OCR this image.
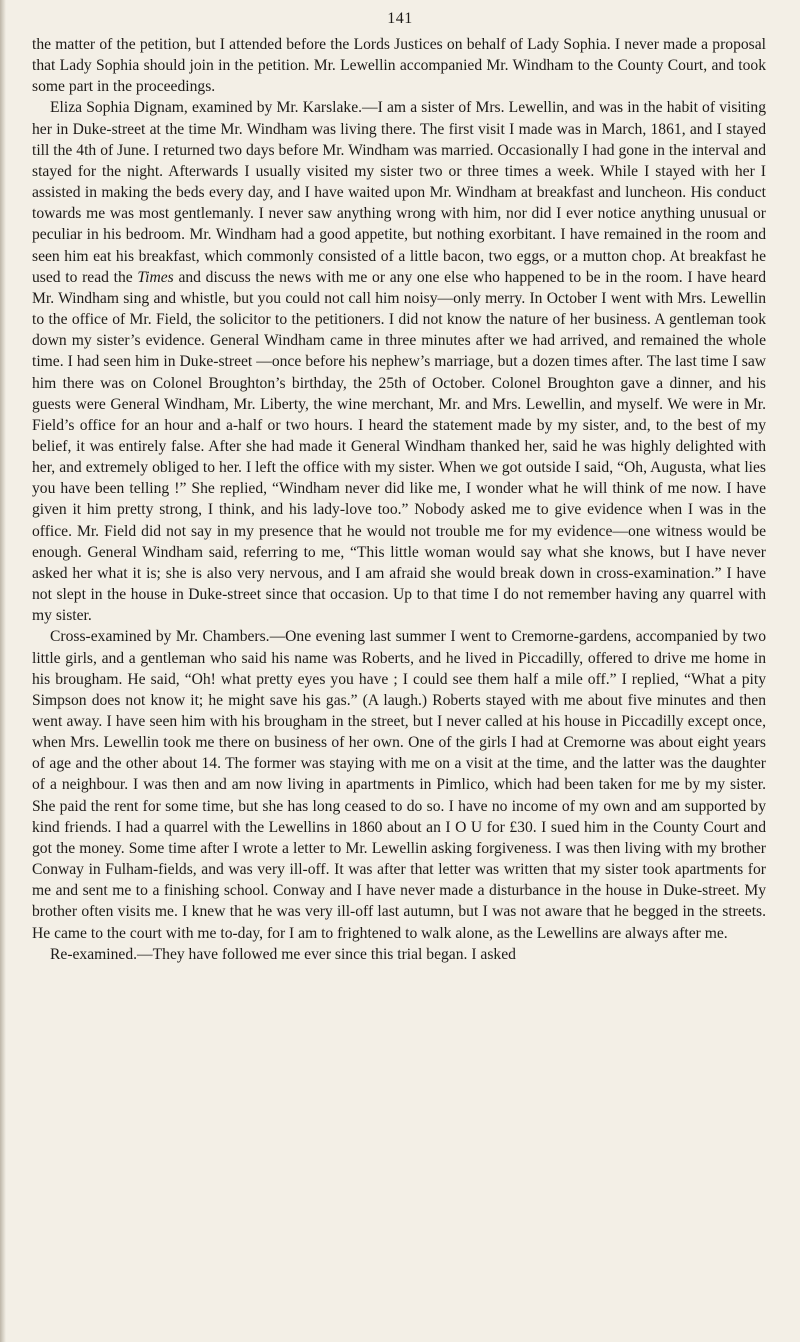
141

the matter of the petition, but I attended before the Lords Justices on behalf of Lady Sophia. I never made a proposal that Lady Sophia should join in the petition. Mr. Lewellin accompanied Mr. Windham to the County Court, and took some part in the proceedings.

Eliza Sophia Dignam, examined by Mr. Karslake.—I am a sister of Mrs. Lewellin, and was in the habit of visiting her in Duke-street at the time Mr. Windham was living there. The first visit I made was in March, 1861, and I stayed till the 4th of June. I returned two days before Mr. Windham was married. Occasionally I had gone in the interval and stayed for the night. Afterwards I usually visited my sister two or three times a week. While I stayed with her I assisted in making the beds every day, and I have waited upon Mr. Windham at breakfast and luncheon. His conduct towards me was most gentlemanly. I never saw anything wrong with him, nor did I ever notice anything unusual or peculiar in his bedroom. Mr. Windham had a good appetite, but nothing exorbitant. I have remained in the room and seen him eat his breakfast, which commonly consisted of a little bacon, two eggs, or a mutton chop. At breakfast he used to read the Times and discuss the news with me or any one else who happened to be in the room. I have heard Mr. Windham sing and whistle, but you could not call him noisy—only merry. In October I went with Mrs. Lewellin to the office of Mr. Field, the solicitor to the petitioners. I did not know the nature of her business. A gentleman took down my sister’s evidence. General Windham came in three minutes after we had arrived, and remained the whole time. I had seen him in Duke-street —once before his nephew’s marriage, but a dozen times after. The last time I saw him there was on Colonel Broughton’s birthday, the 25th of October. Colonel Broughton gave a dinner, and his guests were General Windham, Mr. Liberty, the wine merchant, Mr. and Mrs. Lewellin, and myself. We were in Mr. Field’s office for an hour and a-half or two hours. I heard the statement made by my sister, and, to the best of my belief, it was entirely false. After she had made it General Windham thanked her, said he was highly delighted with her, and extremely obliged to her. I left the office with my sister. When we got outside I said, “Oh, Augusta, what lies you have been telling !” She replied, “Windham never did like me, I wonder what he will think of me now. I have given it him pretty strong, I think, and his lady-love too.” Nobody asked me to give evidence when I was in the office. Mr. Field did not say in my presence that he would not trouble me for my evidence—one witness would be enough. General Windham said, referring to me, “This little woman would say what she knows, but I have never asked her what it is; she is also very nervous, and I am afraid she would break down in cross-examination.” I have not slept in the house in Duke-street since that occasion. Up to that time I do not remember having any quarrel with my sister.

Cross-examined by Mr. Chambers.—One evening last summer I went to Cremorne-gardens, accompanied by two little girls, and a gentleman who said his name was Roberts, and he lived in Piccadilly, offered to drive me home in his brougham. He said, “Oh! what pretty eyes you have ; I could see them half a mile off.” I replied, “What a pity Simpson does not know it; he might save his gas.” (A laugh.) Roberts stayed with me about five minutes and then went away. I have seen him with his brougham in the street, but I never called at his house in Piccadilly except once, when Mrs. Lewellin took me there on business of her own. One of the girls I had at Cremorne was about eight years of age and the other about 14. The former was staying with me on a visit at the time, and the latter was the daughter of a neighbour. I was then and am now living in apartments in Pimlico, which had been taken for me by my sister. She paid the rent for some time, but she has long ceased to do so. I have no income of my own and am supported by kind friends. I had a quarrel with the Lewellins in 1860 about an I O U for £30. I sued him in the County Court and got the money. Some time after I wrote a letter to Mr. Lewellin asking forgiveness. I was then living with my brother Conway in Fulham-fields, and was very ill-off. It was after that letter was written that my sister took apartments for me and sent me to a finishing school. Conway and I have never made a disturbance in the house in Duke-street. My brother often visits me. I knew that he was very ill-off last autumn, but I was not aware that he begged in the streets. He came to the court with me to-day, for I am to frightened to walk alone, as the Lewellins are always after me.

Re-examined.—They have followed me ever since this trial began. I asked
